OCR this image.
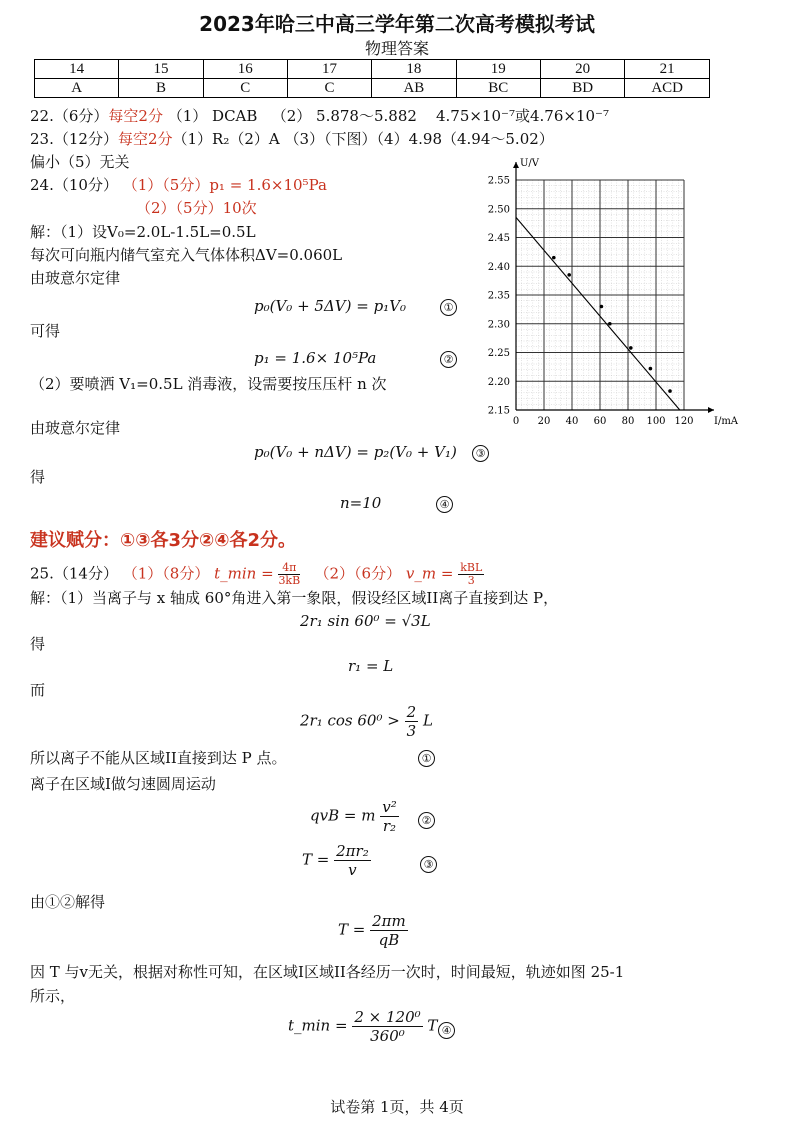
2023年哈三中高三学年第二次高考模拟考试
物理答案
14	15	16	17	18	19	20	21
A	B	C	C	AB	BC	BD	ACD
22.（6分）每空2分 （1） DCAB （2） 5.878～5.882 4.75×10⁻⁷或4.76×10⁻⁷
23.（12分）每空2分（1）R₂（2）A （3）（下图）（4）4.98（4.94～5.02）
偏小（5）无关
24.（10分） （1）（5分）p₁ = 1.6×10⁵Pa
（2）（5分）10次
解：（1）设V₀=2.0L-1.5L=0.5L
每次可向瓶内储气室充入气体体积ΔV=0.060L
由玻意尔定律
p₀(V₀ + 5ΔV) = p₁V₀	①
可得
p₁ = 1.6× 10⁵Pa	②
（2）要喷洒 V₁=0.5L 消毒液，设需要按压压杆 n 次
由玻意尔定律
p₀(V₀ + nΔV) = p₂(V₀ + V₁)	③
得
n=10	④
建议赋分：①③各3分②④各2分。
0 20 40 60 80 100 120
2.15
2.20
2.25
2.30
2.35
2.40
2.45
2.50
2.55
I/mA
U/V
25.（14分） （1）（8分） t_min = $\frac{4\pi}{3kB} (2)(6$分） v_m = $\frac{\text{kBL}}{3}$
解：（1）当离子与 x 轴成 60°角进入第一象限，假设经区域II离子直接到达 P，
2r₁ sin 60⁰ = √3L
得
r₁ = L
而
2r₁ $\cos 60^0 > \frac{2}{3}$ L
所以离子不能从区域II直接到达 P 点。	①
离子在区域I做匀速圆周运动
qvB = m $\frac{\text{v²}}{\text{r₂}}$	②
$T = \frac{\text{2πr₂}}{v}$	③
由①②解得
$T = \frac{2\pi m}{qB}$
因 T 与v无关，根据对称性可知，在区域I区域II各经历一次时，时间最短，轨迹如图 25-1
所示，
t_min = $\frac{\text{2 × 120⁰}}{\text{360⁰}}$ T ④
试卷第 1页，共 4页
